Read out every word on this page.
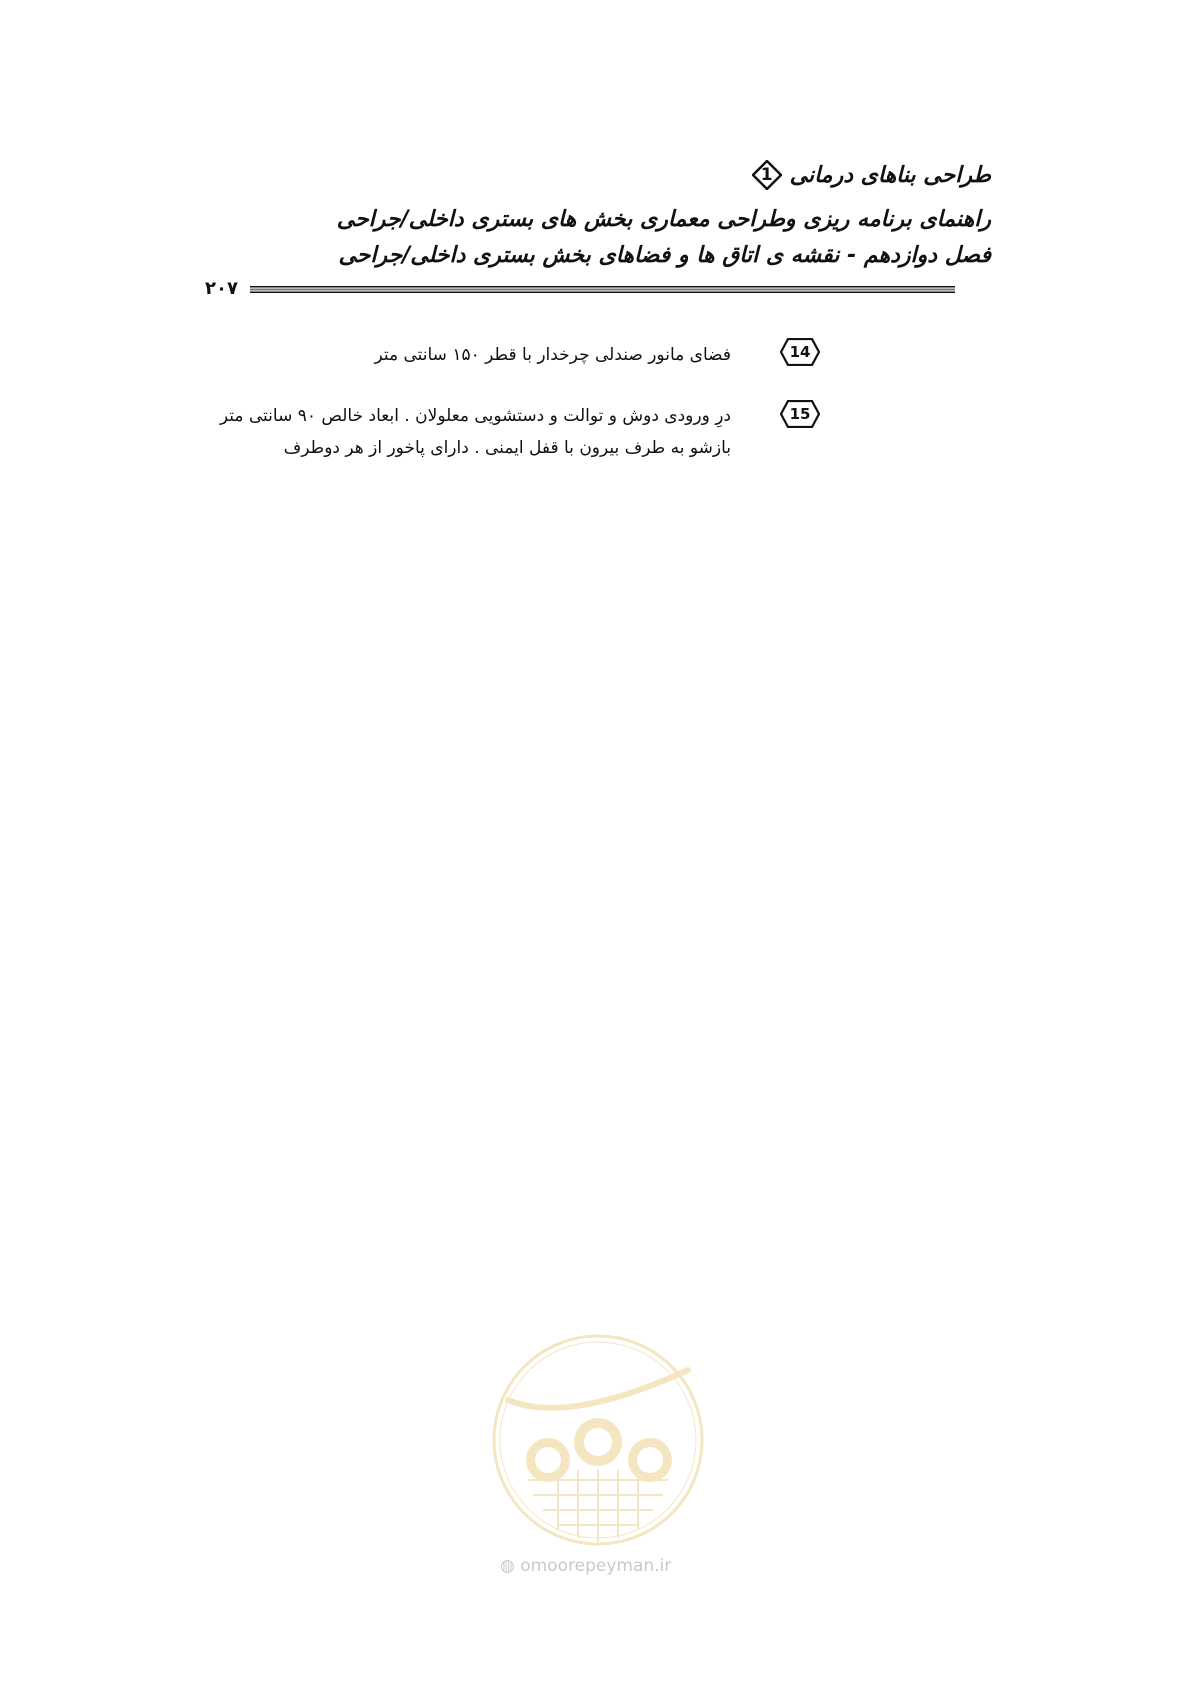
طراحی بناهای درمانی
1
راهنمای برنامه ریزی وطراحی معماری بخش های بستری داخلی/جراحی
فصل دوازدهم - نقشه ی اتاق ها و فضاهای بخش بستری داخلی/جراحی
۲۰۷
14
فضای مانور صندلی چرخدار با قطر ۱۵۰ سانتی متر
15
درِ ورودی دوش و توالت و دستشویی معلولان . ابعاد خالص ۹۰ سانتی متر بازشو به طرف بیرون با قفل ایمنی . دارای پاخور از هر دوطرف
◍ omoorepeyman.ir
